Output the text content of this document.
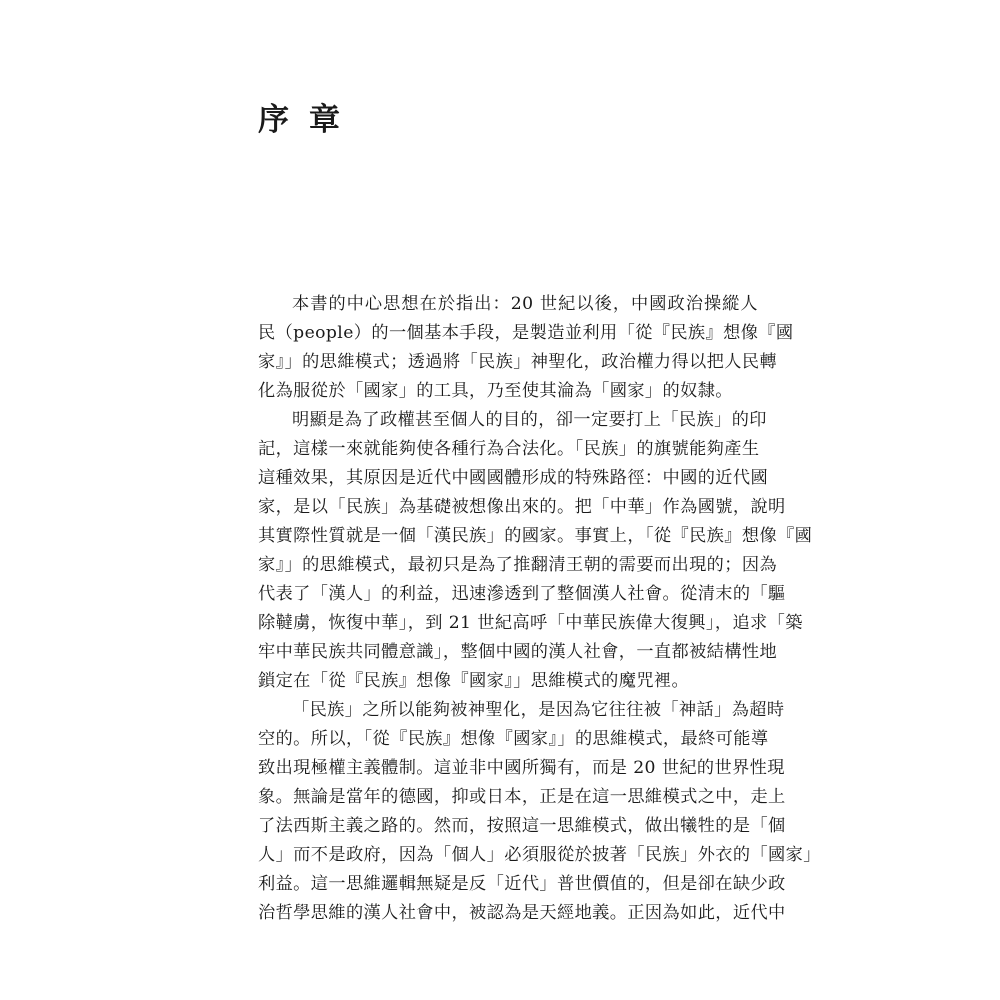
序章

本書的中心思想在於指出：20 世紀以後，中國政治操縱人

民（people）的一個基本手段，是製造並利用「從『民族』想像『國

家』」的思維模式；透過將「民族」神聖化，政治權力得以把人民轉

化為服從於「國家」的工具，乃至使其淪為「國家」的奴隸。

明顯是為了政權甚至個人的目的，卻一定要打上「民族」的印

記，這樣一來就能夠使各種行為合法化。「民族」的旗號能夠產生

這種效果，其原因是近代中國國體形成的特殊路徑：中國的近代國

家，是以「民族」為基礎被想像出來的。把「中華」作為國號，說明

其實際性質就是一個「漢民族」的國家。事實上，「從『民族』想像『國

家』」的思維模式，最初只是為了推翻清王朝的需要而出現的；因為

代表了「漢人」的利益，迅速滲透到了整個漢人社會。從清末的「驅

除韃虜，恢復中華」，到 21 世紀高呼「中華民族偉大復興」，追求「築

牢中華民族共同體意識」，整個中國的漢人社會，一直都被結構性地

鎖定在「從『民族』想像『國家』」思維模式的魔咒裡。

「民族」之所以能夠被神聖化，是因為它往往被「神話」為超時

空的。所以，「從『民族』想像『國家』」的思維模式，最終可能導

致出現極權主義體制。這並非中國所獨有，而是 20 世紀的世界性現

象。無論是當年的德國，抑或日本，正是在這一思維模式之中，走上

了法西斯主義之路的。然而，按照這一思維模式，做出犧牲的是「個

人」而不是政府，因為「個人」必須服從於披著「民族」外衣的「國家」

利益。這一思維邏輯無疑是反「近代」普世價值的，但是卻在缺少政

治哲學思維的漢人社會中，被認為是天經地義。正因為如此，近代中
